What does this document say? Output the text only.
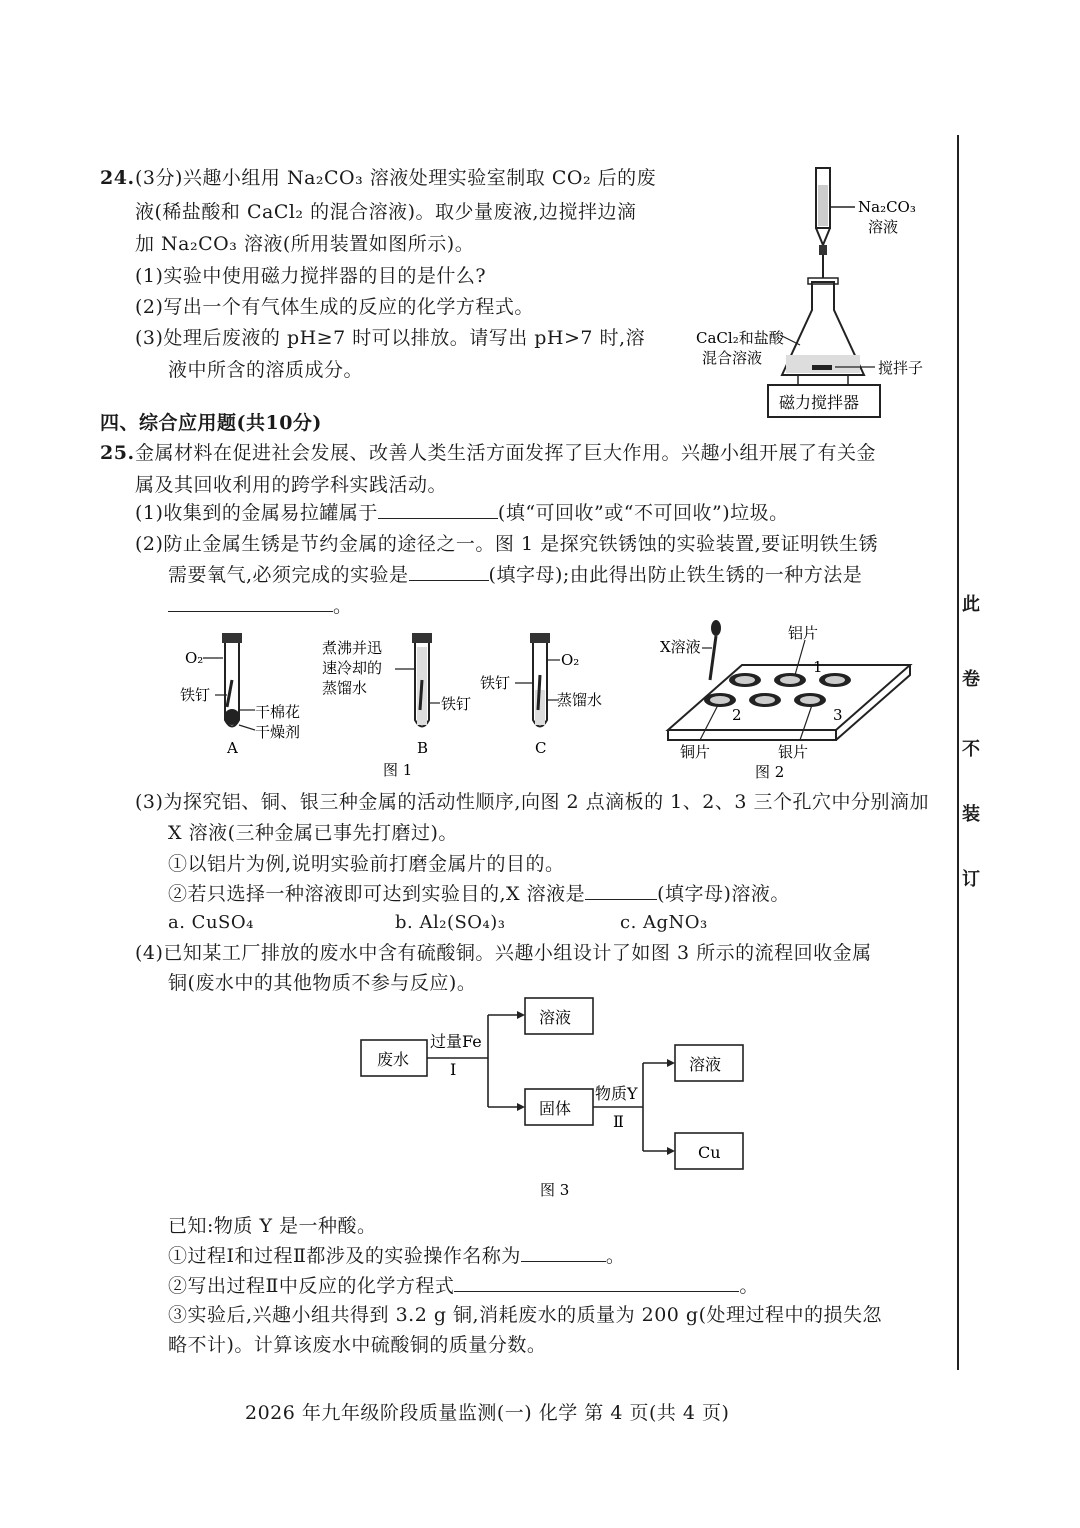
此
卷
不
装
订
24. (3分)兴趣小组用 Na₂CO₃ 溶液处理实验室制取 CO₂ 后的废
液(稀盐酸和 CaCl₂ 的混合溶液)。取少量废液,边搅拌边滴
加 Na₂CO₃ 溶液(所用装置如图所示)。
(1)实验中使用磁力搅拌器的目的是什么?
(2)写出一个有气体生成的反应的化学方程式。
(3)处理后废液的 pH≥7 时可以排放。请写出 pH>7 时,溶
液中所含的溶质成分。
Na₂CO₃
溶液
CaCl₂和盐酸
混合溶液
搅拌子
磁力搅拌器
四、综合应用题(共10分)
25. 金属材料在促进社会发展、改善人类生活方面发挥了巨大作用。兴趣小组开展了有关金
属及其回收利用的跨学科实践活动。
(1)收集到的金属易拉罐属于	(填“可回收”或“不可回收”)垃圾。
(2)防止金属生锈是节约金属的途径之一。图 1 是探究铁锈蚀的实验装置,要证明铁生锈
需要氧气,必须完成的实验是	(填字母);由此得出防止铁生锈的一种方法是
。
O₂
铁钉
干棉花
干燥剂
A
煮沸并迅
速冷却的
蒸馏水
铁钉
B
O₂
铁钉
蒸馏水
C
图 1
X溶液
铝片
1
2	3
铜片	银片
图 2
(3)为探究铝、铜、银三种金属的活动性顺序,向图 2 点滴板的 1、2、3 三个孔穴中分别滴加
X 溶液(三种金属已事先打磨过)。
①以铝片为例,说明实验前打磨金属片的目的。
②若只选择一种溶液即可达到实验目的,X 溶液是	(填字母)溶液。
a. CuSO₄	b. Al₂(SO₄)₃	c. AgNO₃
(4)已知某工厂排放的废水中含有硫酸铜。兴趣小组设计了如图 3 所示的流程回收金属
铜(废水中的其他物质不参与反应)。
废水
过量Fe
Ⅰ
溶液
固体
物质Y
Ⅱ
溶液
Cu
图 3
已知:物质 Y 是一种酸。
①过程Ⅰ和过程Ⅱ都涉及的实验操作名称为	。
②写出过程Ⅱ中反应的化学方程式	。
③实验后,兴趣小组共得到 3.2 g 铜,消耗废水的质量为 200 g(处理过程中的损失忽
略不计)。计算该废水中硫酸铜的质量分数。
2026 年九年级阶段质量监测(一) 化学 第 4 页(共 4 页)
